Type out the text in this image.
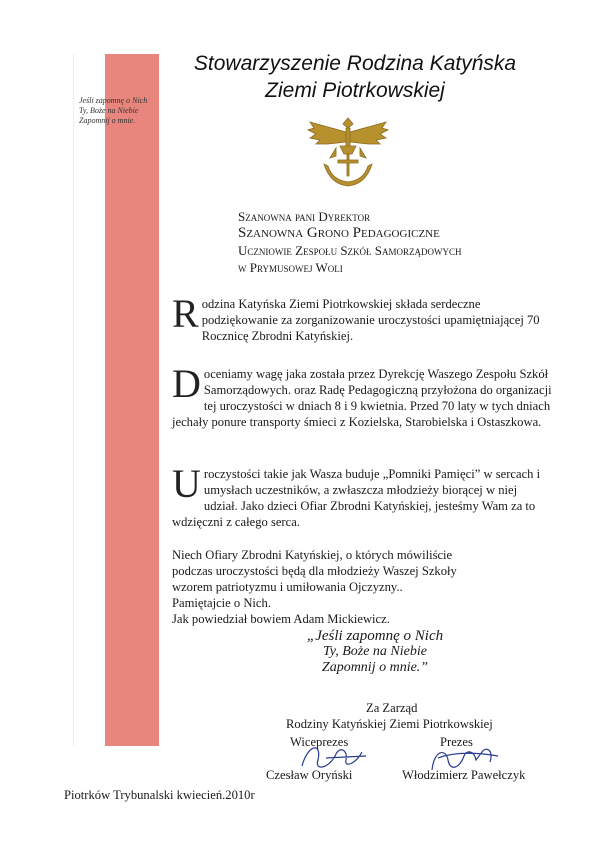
Jeśli zapomnę o Nich
Ty, Boże na Niebie
Zapomnij o mnie.
Stowarzyszenie Rodzina Katyńska
Ziemi Piotrkowskiej
Szanowna pani Dyrektor
Szanowna Grono Pedagogiczne
Uczniowie Zespołu Szkół Samorządowych
w Prymusowej Woli

Rodzina Katyńska Ziemi Piotrkowskiej składa serdeczne podziękowanie za zorganizowanie uroczystości upamiętniającej 70 Rocznicę Zbrodni Katyńskiej.

Doceniamy wagę jaka została przez Dyrekcję Waszego Zespołu Szkół Samorządowych. oraz Radę Pedagogiczną przyłożona do organizacji tej uroczystości w dniach 8 i 9 kwietnia. Przed 70 laty w tych dniach jechały ponure transporty śmieci z Kozielska, Starobielska i Ostaszkowa.

Uroczystości takie jak Wasza buduje „Pomniki Pamięci” w sercach i umysłach uczestników, a zwłaszcza młodzieży biorącej w niej udział. Jako dzieci Ofiar Zbrodni Katyńskiej, jesteśmy Wam za to wdzięczni z całego serca.

Niech Ofiary Zbrodni Katyńskiej, o których mówiliście
podczas uroczystości będą dla młodzieży Waszej Szkoły
wzorem patriotyzmu i umiłowania Ojczyzny..
Pamiętajcie o Nich.
Jak powiedział bowiem Adam Mickiewicz.
„Jeśli zapomnę o Nich
Ty, Boże na Niebie
Zapomnij o mnie.”
Za Zarząd
Rodziny Katyńskiej Ziemi Piotrkowskiej
Wiceprezes	Prezes
Czesław Oryński	Włodzimierz Pawełczyk
Piotrków Trybunalski kwiecień.2010r
